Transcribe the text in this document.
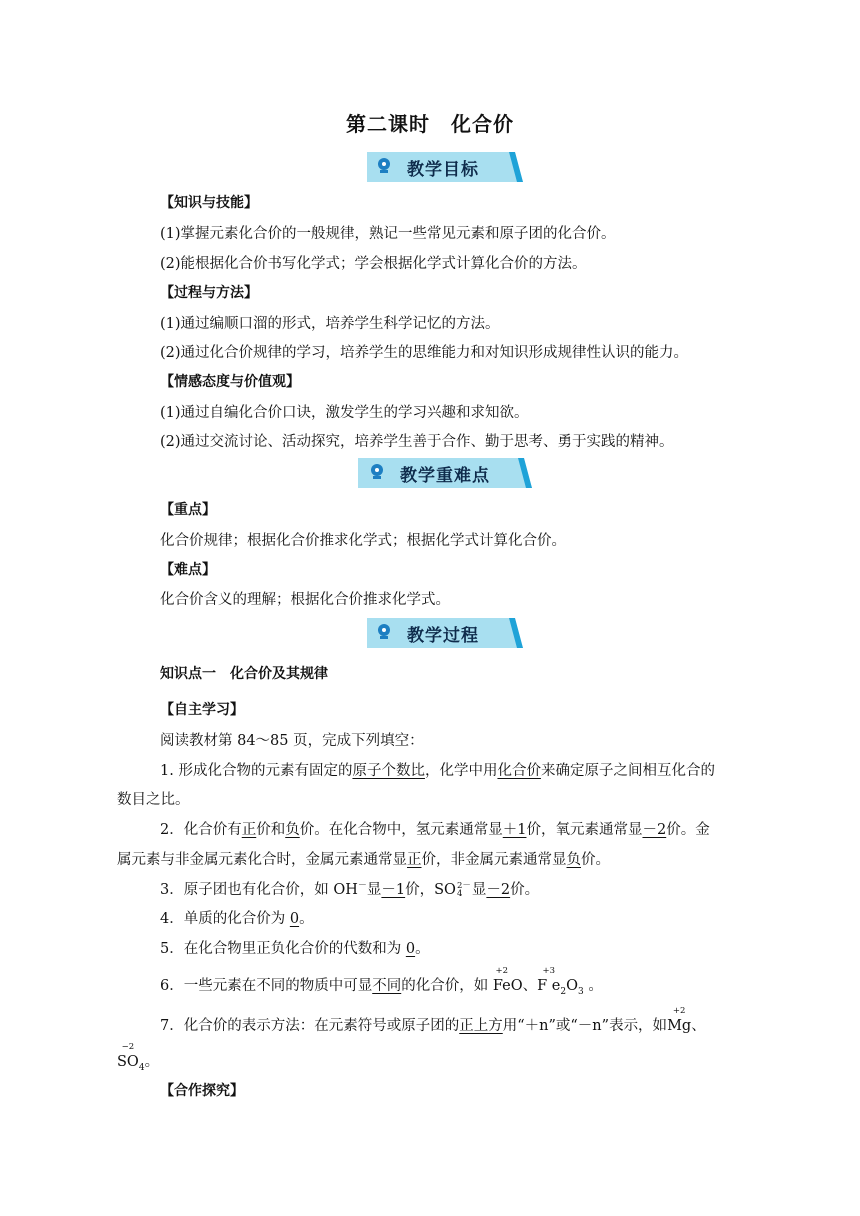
第二课时　化合价
教学目标
【知识与技能】
(1)掌握元素化合价的一般规律，熟记一些常见元素和原子团的化合价。
(2)能根据化合价书写化学式；学会根据化学式计算化合价的方法。
【过程与方法】
(1)通过编顺口溜的形式，培养学生科学记忆的方法。
(2)通过化合价规律的学习，培养学生的思维能力和对知识形成规律性认识的能力。
【情感态度与价值观】
(1)通过自编化合价口诀，激发学生的学习兴趣和求知欲。
(2)通过交流讨论、活动探究，培养学生善于合作、勤于思考、勇于实践的精神。
教学重难点
【重点】
化合价规律；根据化合价推求化学式；根据化学式计算化合价。
【难点】
化合价含义的理解；根据化合价推求化学式。
教学过程
知识点一　化合价及其规律
【自主学习】
阅读教材第 84～85 页，完成下列填空：
1. 形成化合物的元素有固定的原子个数比，化学中用化合价来确定原子之间相互化合的
数目之比。
2．化合价有正价和负价。在化合物中，氢元素通常显＋1价，氧元素通常显－2价。金
属元素与非金属元素化合时，金属元素通常显正价，非金属元素通常显负价。
3．原子团也有化合价，如 OH－显－1价，SO 2－
4 显－2价。
4．单质的化合价为 0。
5．在化合物里正负化合价的代数和为 0。
6．一些元素在不同的物质中可显不同的化合价，如
+2
FeO、
+3
F $e_2O_3$ 。
7．化合价的表示方法：在元素符号或原子团的正上方用“＋n”或“－n”表示，如
+2
Mg、
−2
$SO_4$。
【合作探究】
